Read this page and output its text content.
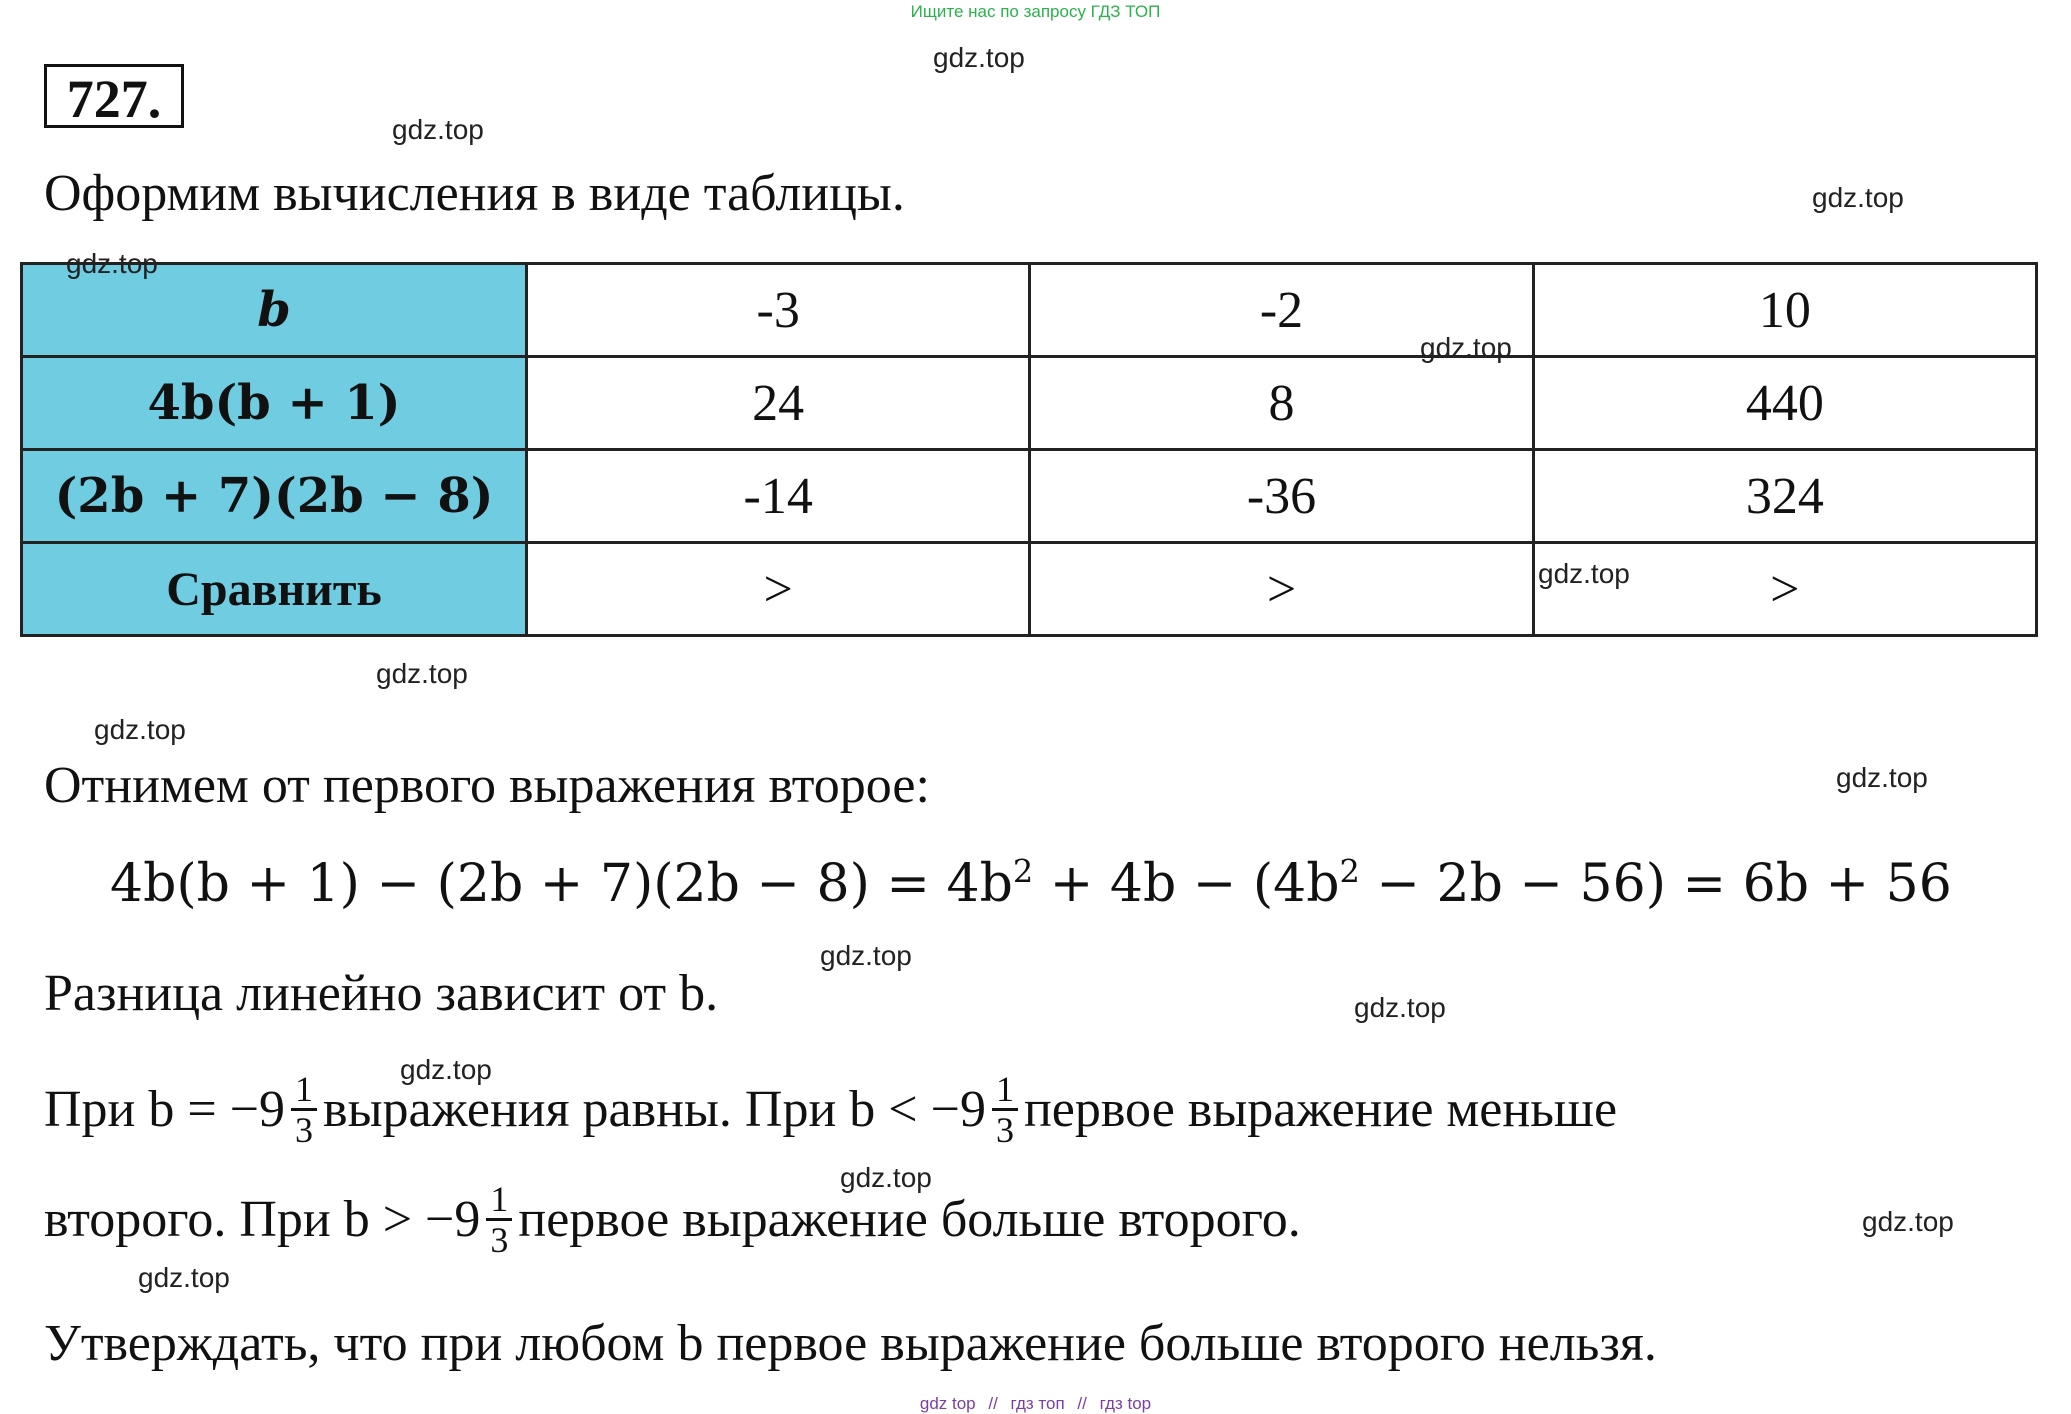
Ищите нас по запросу ГДЗ ТОП
727.
Оформим вычисления в виде таблицы.
b	-3	-2	10
4b(b + 1)	24	8	440
(2b + 7)(2b − 8)	-14	-36	324
Сравнить	>	>	>
Отнимем от первого выражения второе:
$4b(b + 1) - (2b + 7)(2b - 8) = 4b^2 + 4b - (4b^2 - 2b - 56) = 6b + 56$
Разница линейно зависит от b.
При $b = -9 \frac{1}{3}$ выражения равны. При $b < -9 \frac{1}{3}$ первое выражение меньше
второго. При $b > -9 \frac{1}{3}$ первое выражение больше второго.
Утверждать, что при любом b первое выражение больше второго нельзя.
gdz.top
gdz.top
gdz.top
gdz.top
gdz.top
gdz.top
gdz.top
gdz.top
gdz.top
gdz.top
gdz.top
gdz.top
gdz.top
gdz.top
gdz.top
gdz top // гдз топ // гдз top
